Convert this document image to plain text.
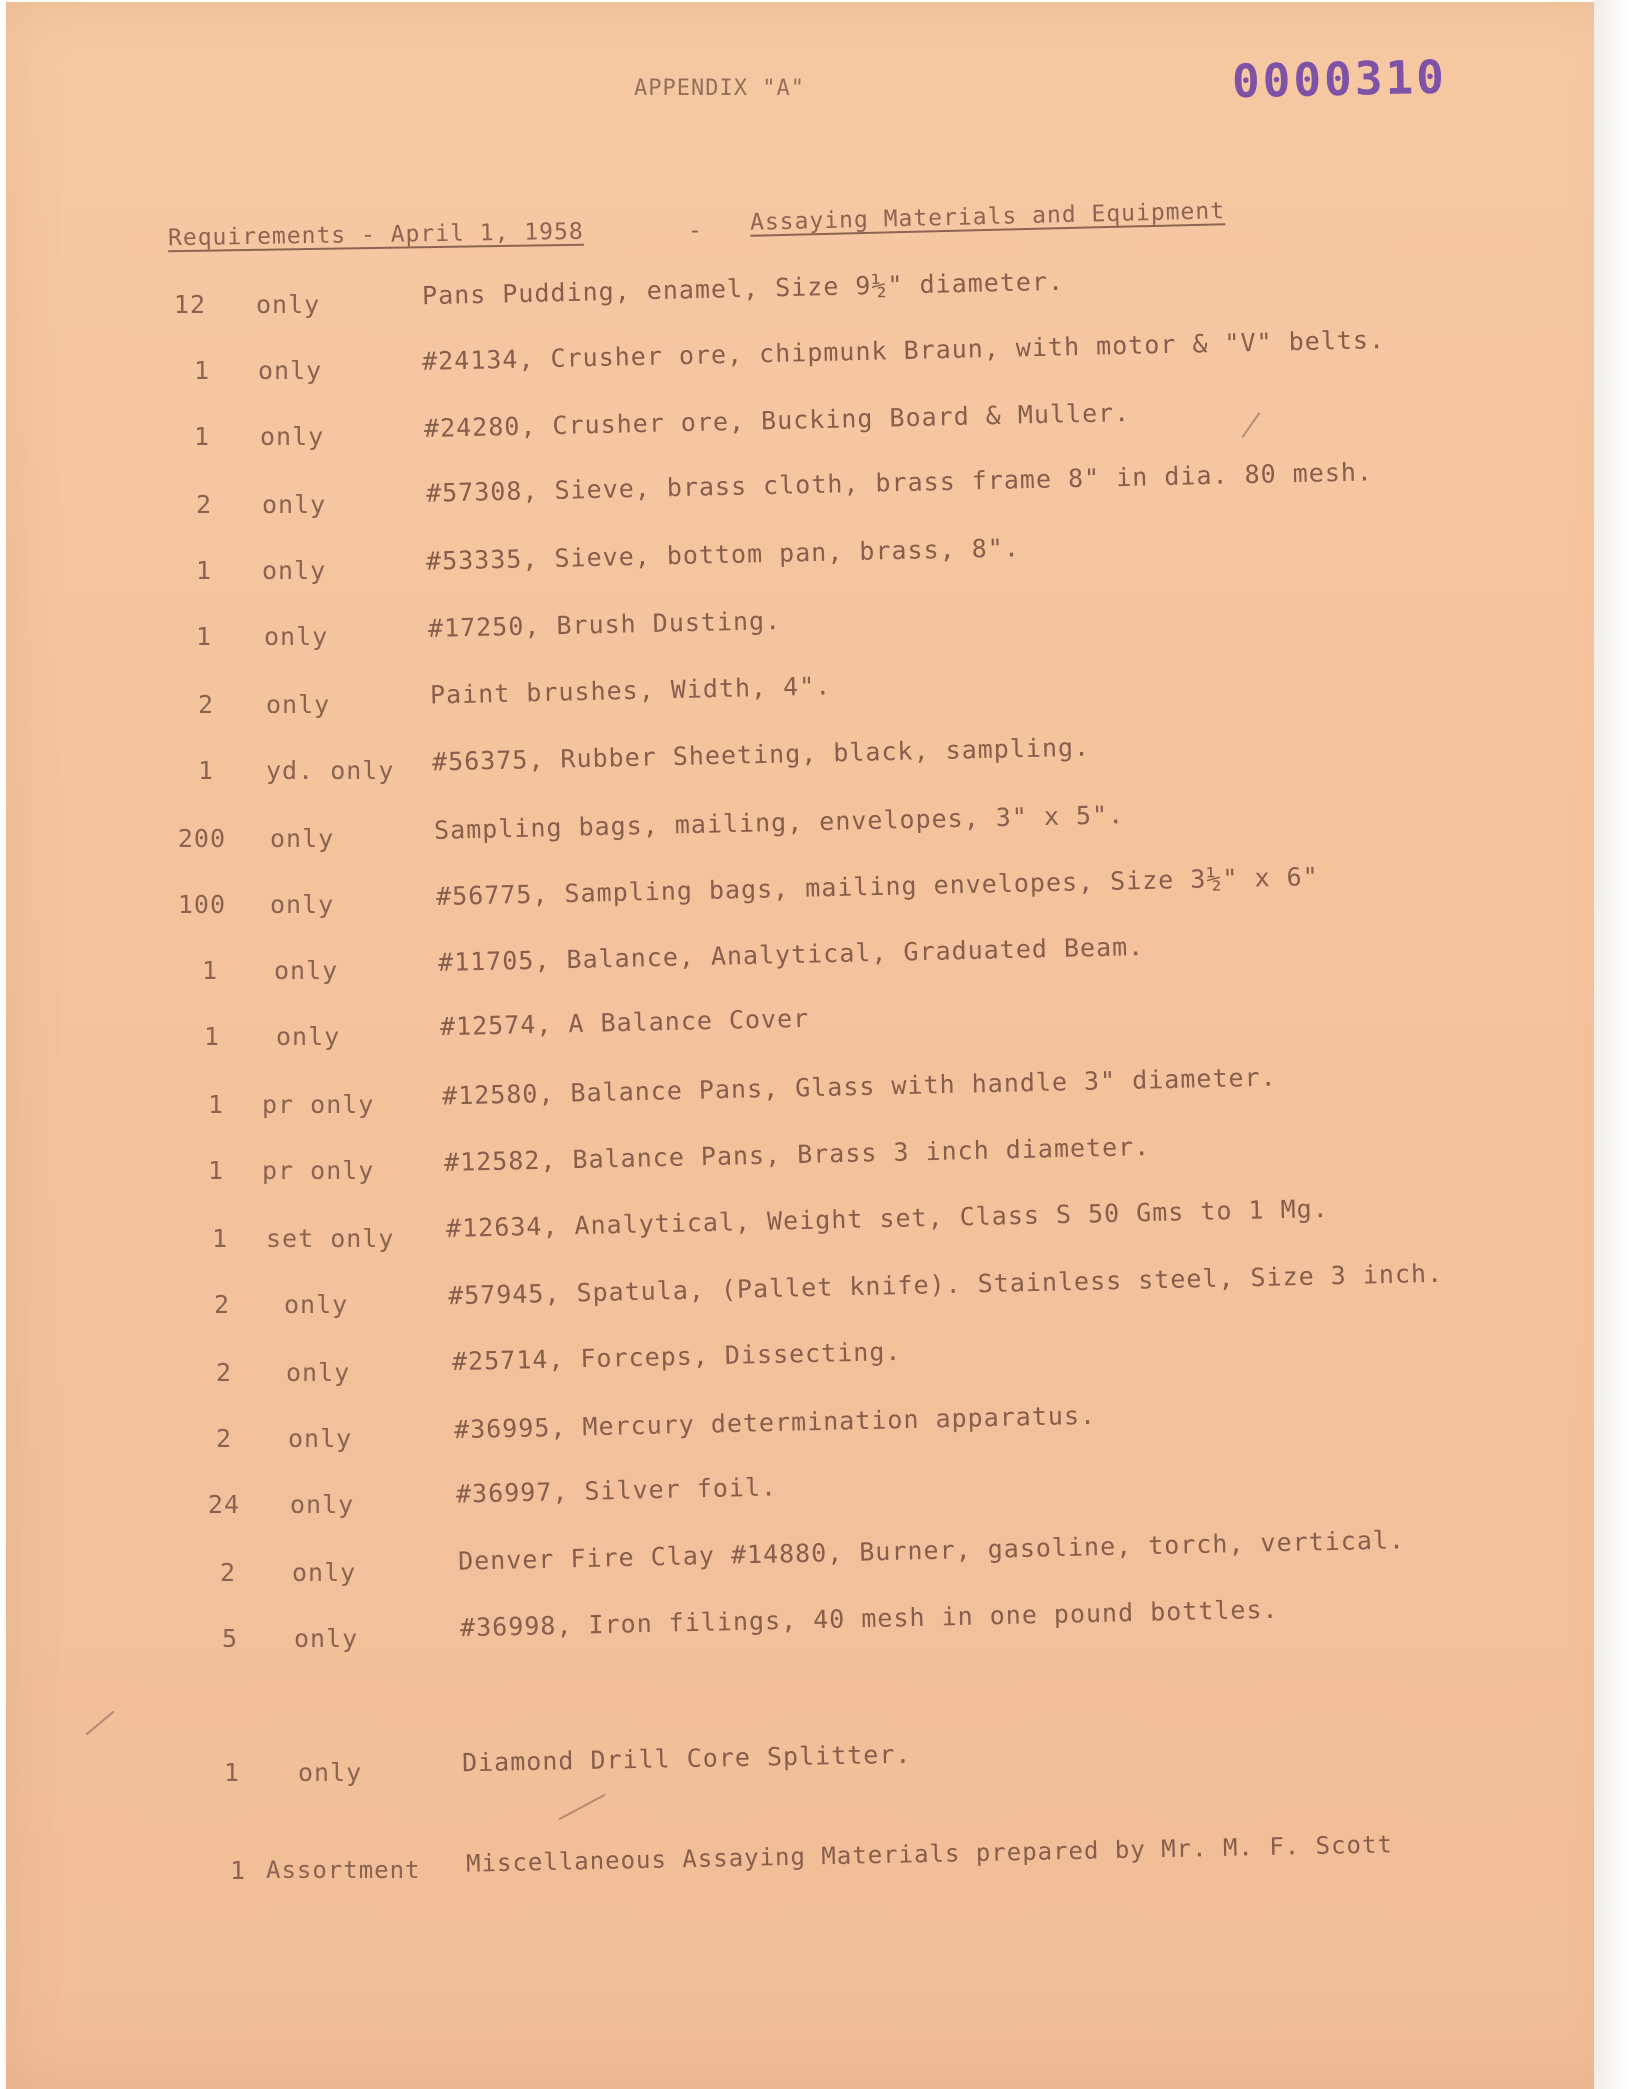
APPENDIX "A"	0000310
Requirements - April 1, 1958	- Assaying Materials and Equipment
12 only	Pans Pudding, enamel, Size 9½" diameter.
1 only	#24134, Crusher ore, chipmunk Braun, with motor & "V" belts.
1 only	#24280, Crusher ore, Bucking Board & Muller.
2 only	#57308, Sieve, brass cloth, brass frame 8" in dia. 80 mesh.
1 only	#53335, Sieve, bottom pan, brass, 8".
1 only	#17250, Brush Dusting.
2 only	Paint brushes, Width, 4".
1 yd. only #56375, Rubber Sheeting, black, sampling.
200 only	Sampling bags, mailing, envelopes, 3" x 5".
100 only	#56775, Sampling bags, mailing envelopes, Size 3½" x 6"
1 only	#11705, Balance, Analytical, Graduated Beam.
1 only	#12574, A Balance Cover
1 pr only	#12580, Balance Pans, Glass with handle 3" diameter.
1 pr only	#12582, Balance Pans, Brass 3 inch diameter.
1 set only #12634, Analytical, Weight set, Class S 50 Gms to 1 Mg.
2 only	#57945, Spatula, (Pallet knife). Stainless steel, Size 3 inch.
2 only	#25714, Forceps, Dissecting.
2 only	#36995, Mercury determination apparatus.
24 only	#36997, Silver foil.
2 only	Denver Fire Clay #14880, Burner, gasoline, torch, vertical.
5 only	#36998, Iron filings, 40 mesh in one pound bottles.
1 only	Diamond Drill Core Splitter.
1 Assortment Miscellaneous Assaying Materials prepared by Mr. M. F. Scott
